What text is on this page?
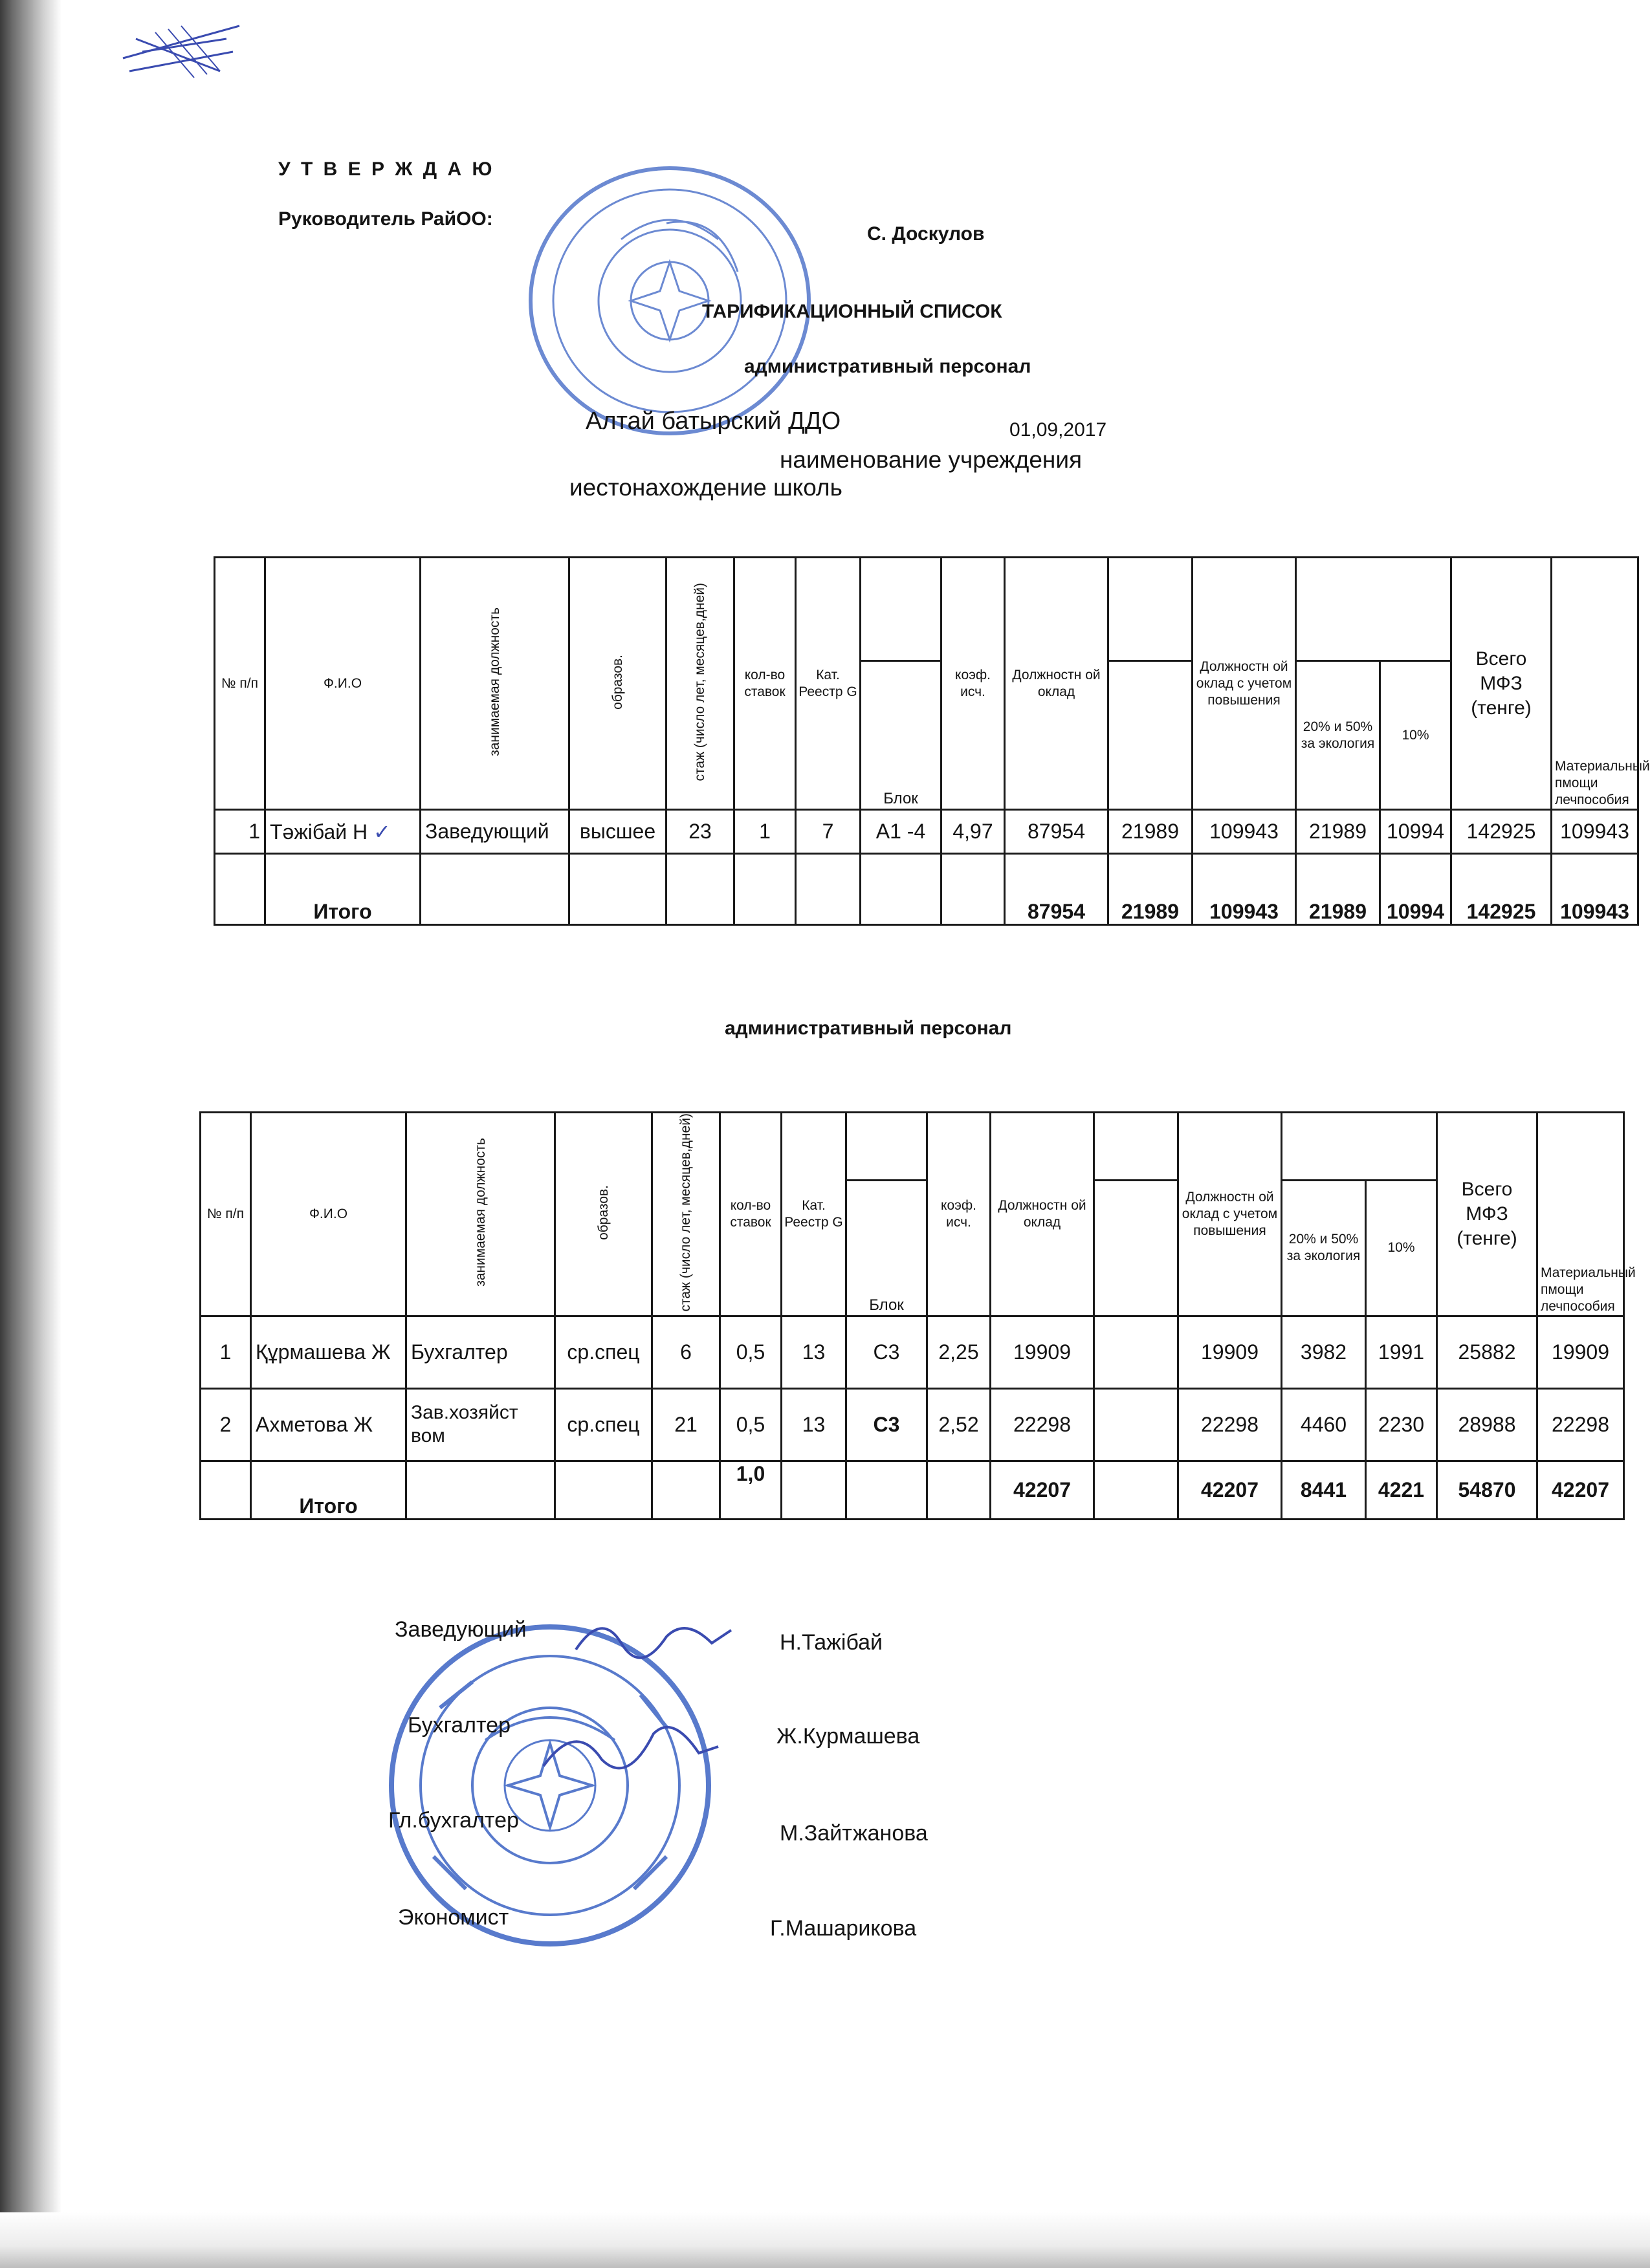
У Т В Е Р Ж Д А Ю
Руководитель РайОО:
С. Доскулов
ТАРИФИКАЦИОННЫЙ СПИСОК
административный персонал
Алтай батырский ДДО	01,09,2017
наименование учреждения
иестонахождение школь
№ п/п	Ф.И.О	занимаемая должность	образов.	стаж (число лет, месяцев,дней)	кол-во ставок	Кат. Реестр G		коэф. исч.	Должностн ой оклад		Должностн ой оклад с учетом повышения			Всего МФЗ (тенге)	Материальный пмощи лечпособия
							Блок					20% и 50% за экология	10%		
1	Тәжібай Н ✓	Заведующий	высшее	23	1	7	А1 -4	4,97	87954	21989	109943	21989	10994	142925	109943
	Итого								87954	21989	109943	21989	10994	142925	109943
административный персонал
№ п/п	Ф.И.О	занимаемая должность	образов.	стаж (число лет, месяцев,дней)	кол-во ставок	Кат. Реестр G		коэф. исч.	Должностн ой оклад		Должностн ой оклад с учетом повышения			Всего МФЗ (тенге)	Материальный пмощи лечпособия
							Блок					20% и 50% за экология	10%		
1	Құрмашева Ж	Бухгалтер	ср.спец	6	0,5	13	С3	2,25	19909		19909	3982	1991	25882	19909
2	Ахметова Ж	Зав.хозяйст вом	ср.спец	21	0,5	13	С3	2,52	22298		22298	4460	2230	28988	22298
	Итого				1,0				42207		42207	8441	4221	54870	42207
Заведующий
Н.Тажібай
Бухгалтер	Ж.Курмашева
Гл.бухгалтер
М.Зайтжанова
Экономист	Г.Машарикова
